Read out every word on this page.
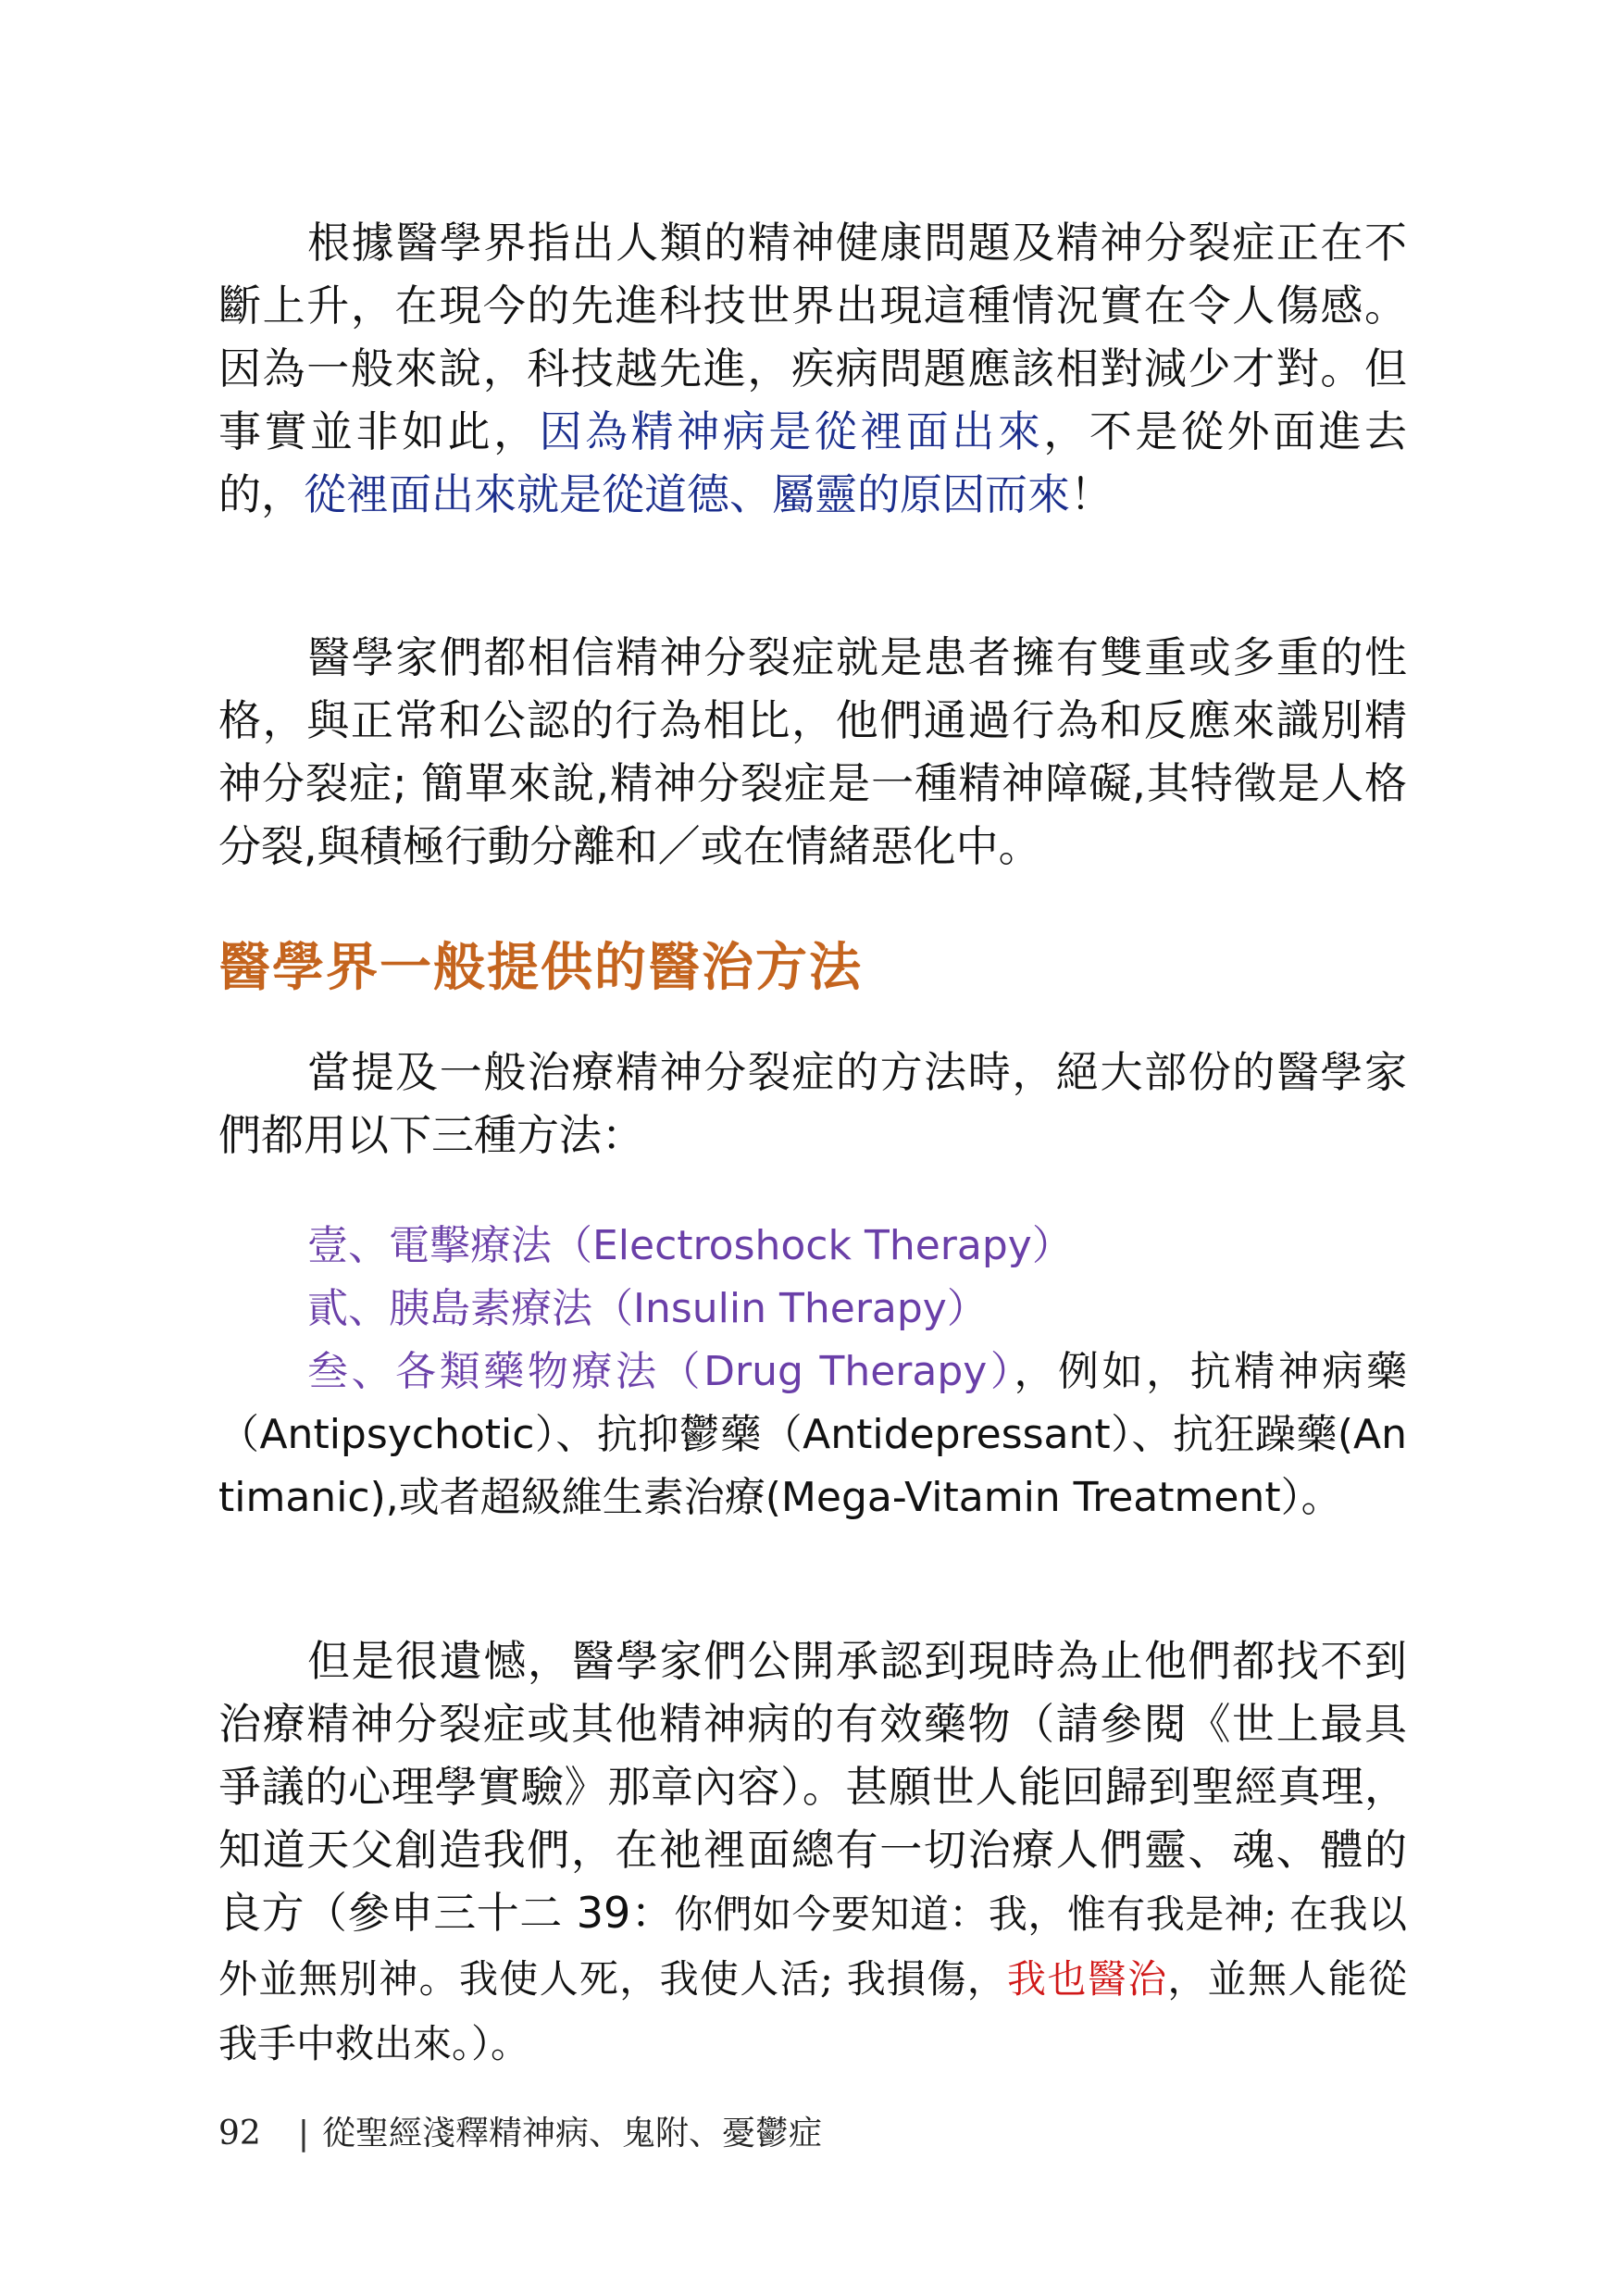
根據醫學界指出人類的精神健康問題及精神分裂症正在不斷上升，在現今的先進科技世界出現這種情況實在令人傷感。因為一般來說，科技越先進，疾病問題應該相對減少才對。但事實並非如此，因為精神病是從裡面出來，不是從外面進去的，從裡面出來就是從道德、屬靈的原因而來！

醫學家們都相信精神分裂症就是患者擁有雙重或多重的性格，與正常和公認的行為相比，他們通過行為和反應來識別精神分裂症; 簡單來說,精神分裂症是一種精神障礙,其特徵是人格分裂,與積極行動分離和／或在情緒惡化中。

醫學界一般提供的醫治方法

當提及一般治療精神分裂症的方法時，絕大部份的醫學家們都用以下三種方法：

壹、電擊療法（Electroshock Therapy）
貳、胰島素療法（Insulin Therapy）
叁、各類藥物療法（Drug Therapy），例如，抗精神病藥（Antipsychotic）、抗抑鬱藥（Antidepressant）、抗狂躁藥(Antimanic),或者超級維生素治療(Mega-Vitamin Treatment）。

但是很遺憾，醫學家們公開承認到現時為止他們都找不到治療精神分裂症或其他精神病的有效藥物（請參閱《世上最具爭議的心理學實驗》那章內容）。甚願世人能回歸到聖經真理，知道天父創造我們，在祂裡面總有一切治療人們靈、魂、體的良方（參申三十二 39：你們如今要知道：我，惟有我是神; 在我以外並無別神。我使人死，我使人活; 我損傷，我也醫治，並無人能從我手中救出來。）。

92 | 從聖經淺釋精神病、鬼附、憂鬱症
